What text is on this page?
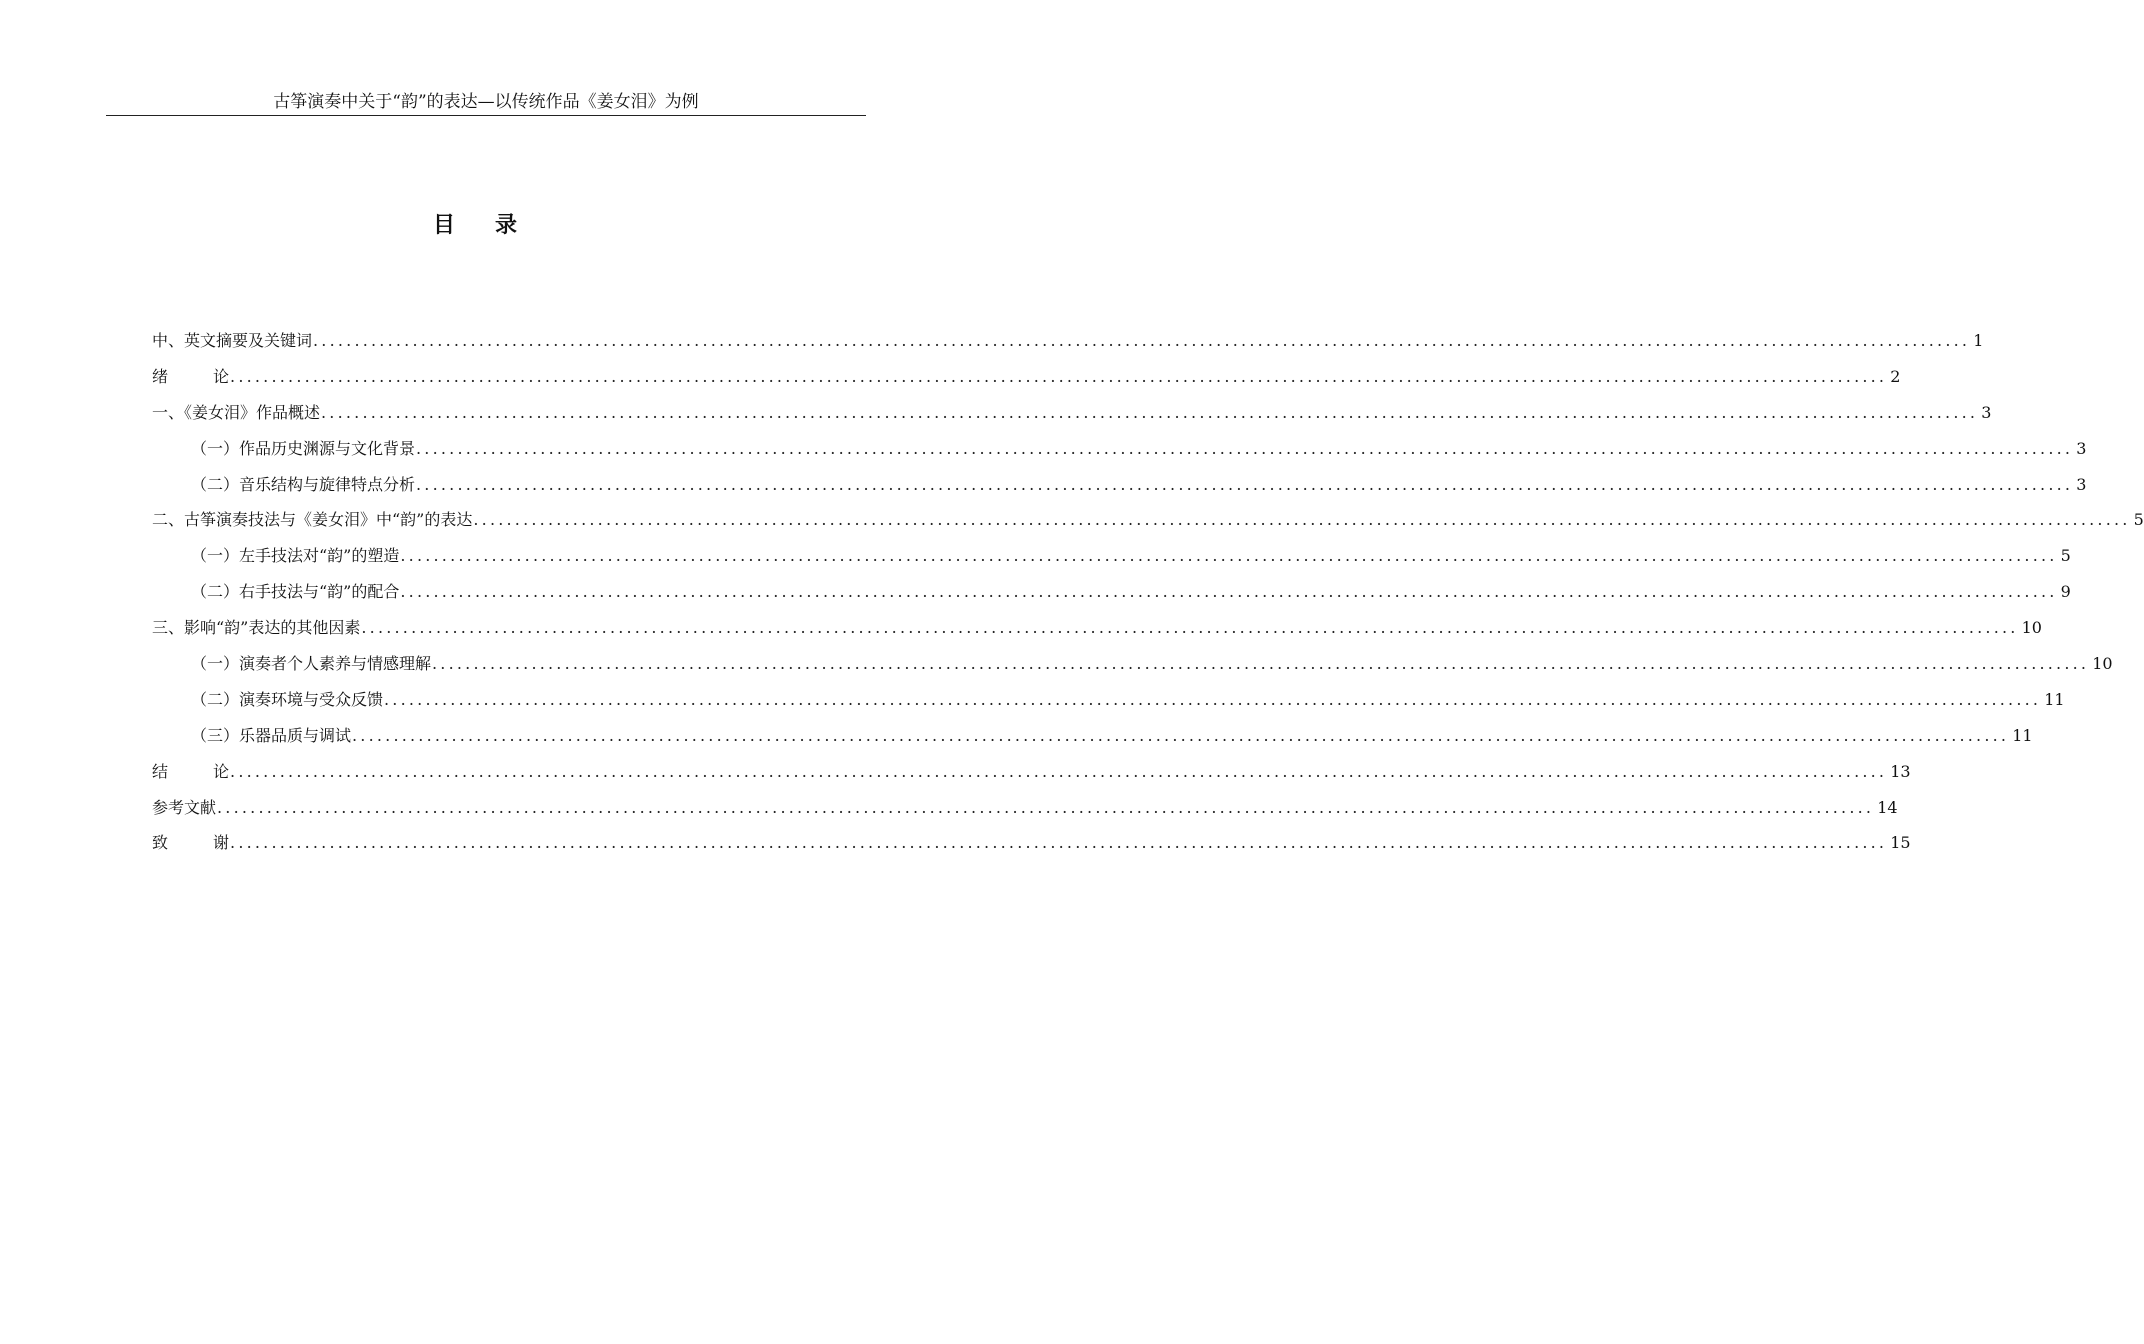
古筝演奏中关于“韵”的表达—以传统作品《姜女泪》为例
目录
中、英文摘要及关键词 ........................................................................................................................................................................................................ 1
绪论 ........................................................................................................................................................................................................ 2
一、《姜女泪》作品概述 ........................................................................................................................................................................................................ 3
（一）作品历史渊源与文化背景 ........................................................................................................................................................................................................ 3
（二）音乐结构与旋律特点分析 ........................................................................................................................................................................................................ 3
二、古筝演奏技法与《姜女泪》中“韵”的表达 ........................................................................................................................................................................................................ 5
（一）左手技法对“韵”的塑造 ........................................................................................................................................................................................................ 5
（二）右手技法与“韵”的配合 ........................................................................................................................................................................................................ 9
三、影响“韵”表达的其他因素 ........................................................................................................................................................................................................ 10
（一）演奏者个人素养与情感理解 ........................................................................................................................................................................................................ 10
（二）演奏环境与受众反馈 ........................................................................................................................................................................................................ 11
（三）乐器品质与调试 ........................................................................................................................................................................................................ 11
结论 ........................................................................................................................................................................................................ 13
参考文献 ........................................................................................................................................................................................................ 14
致谢 ........................................................................................................................................................................................................ 15
